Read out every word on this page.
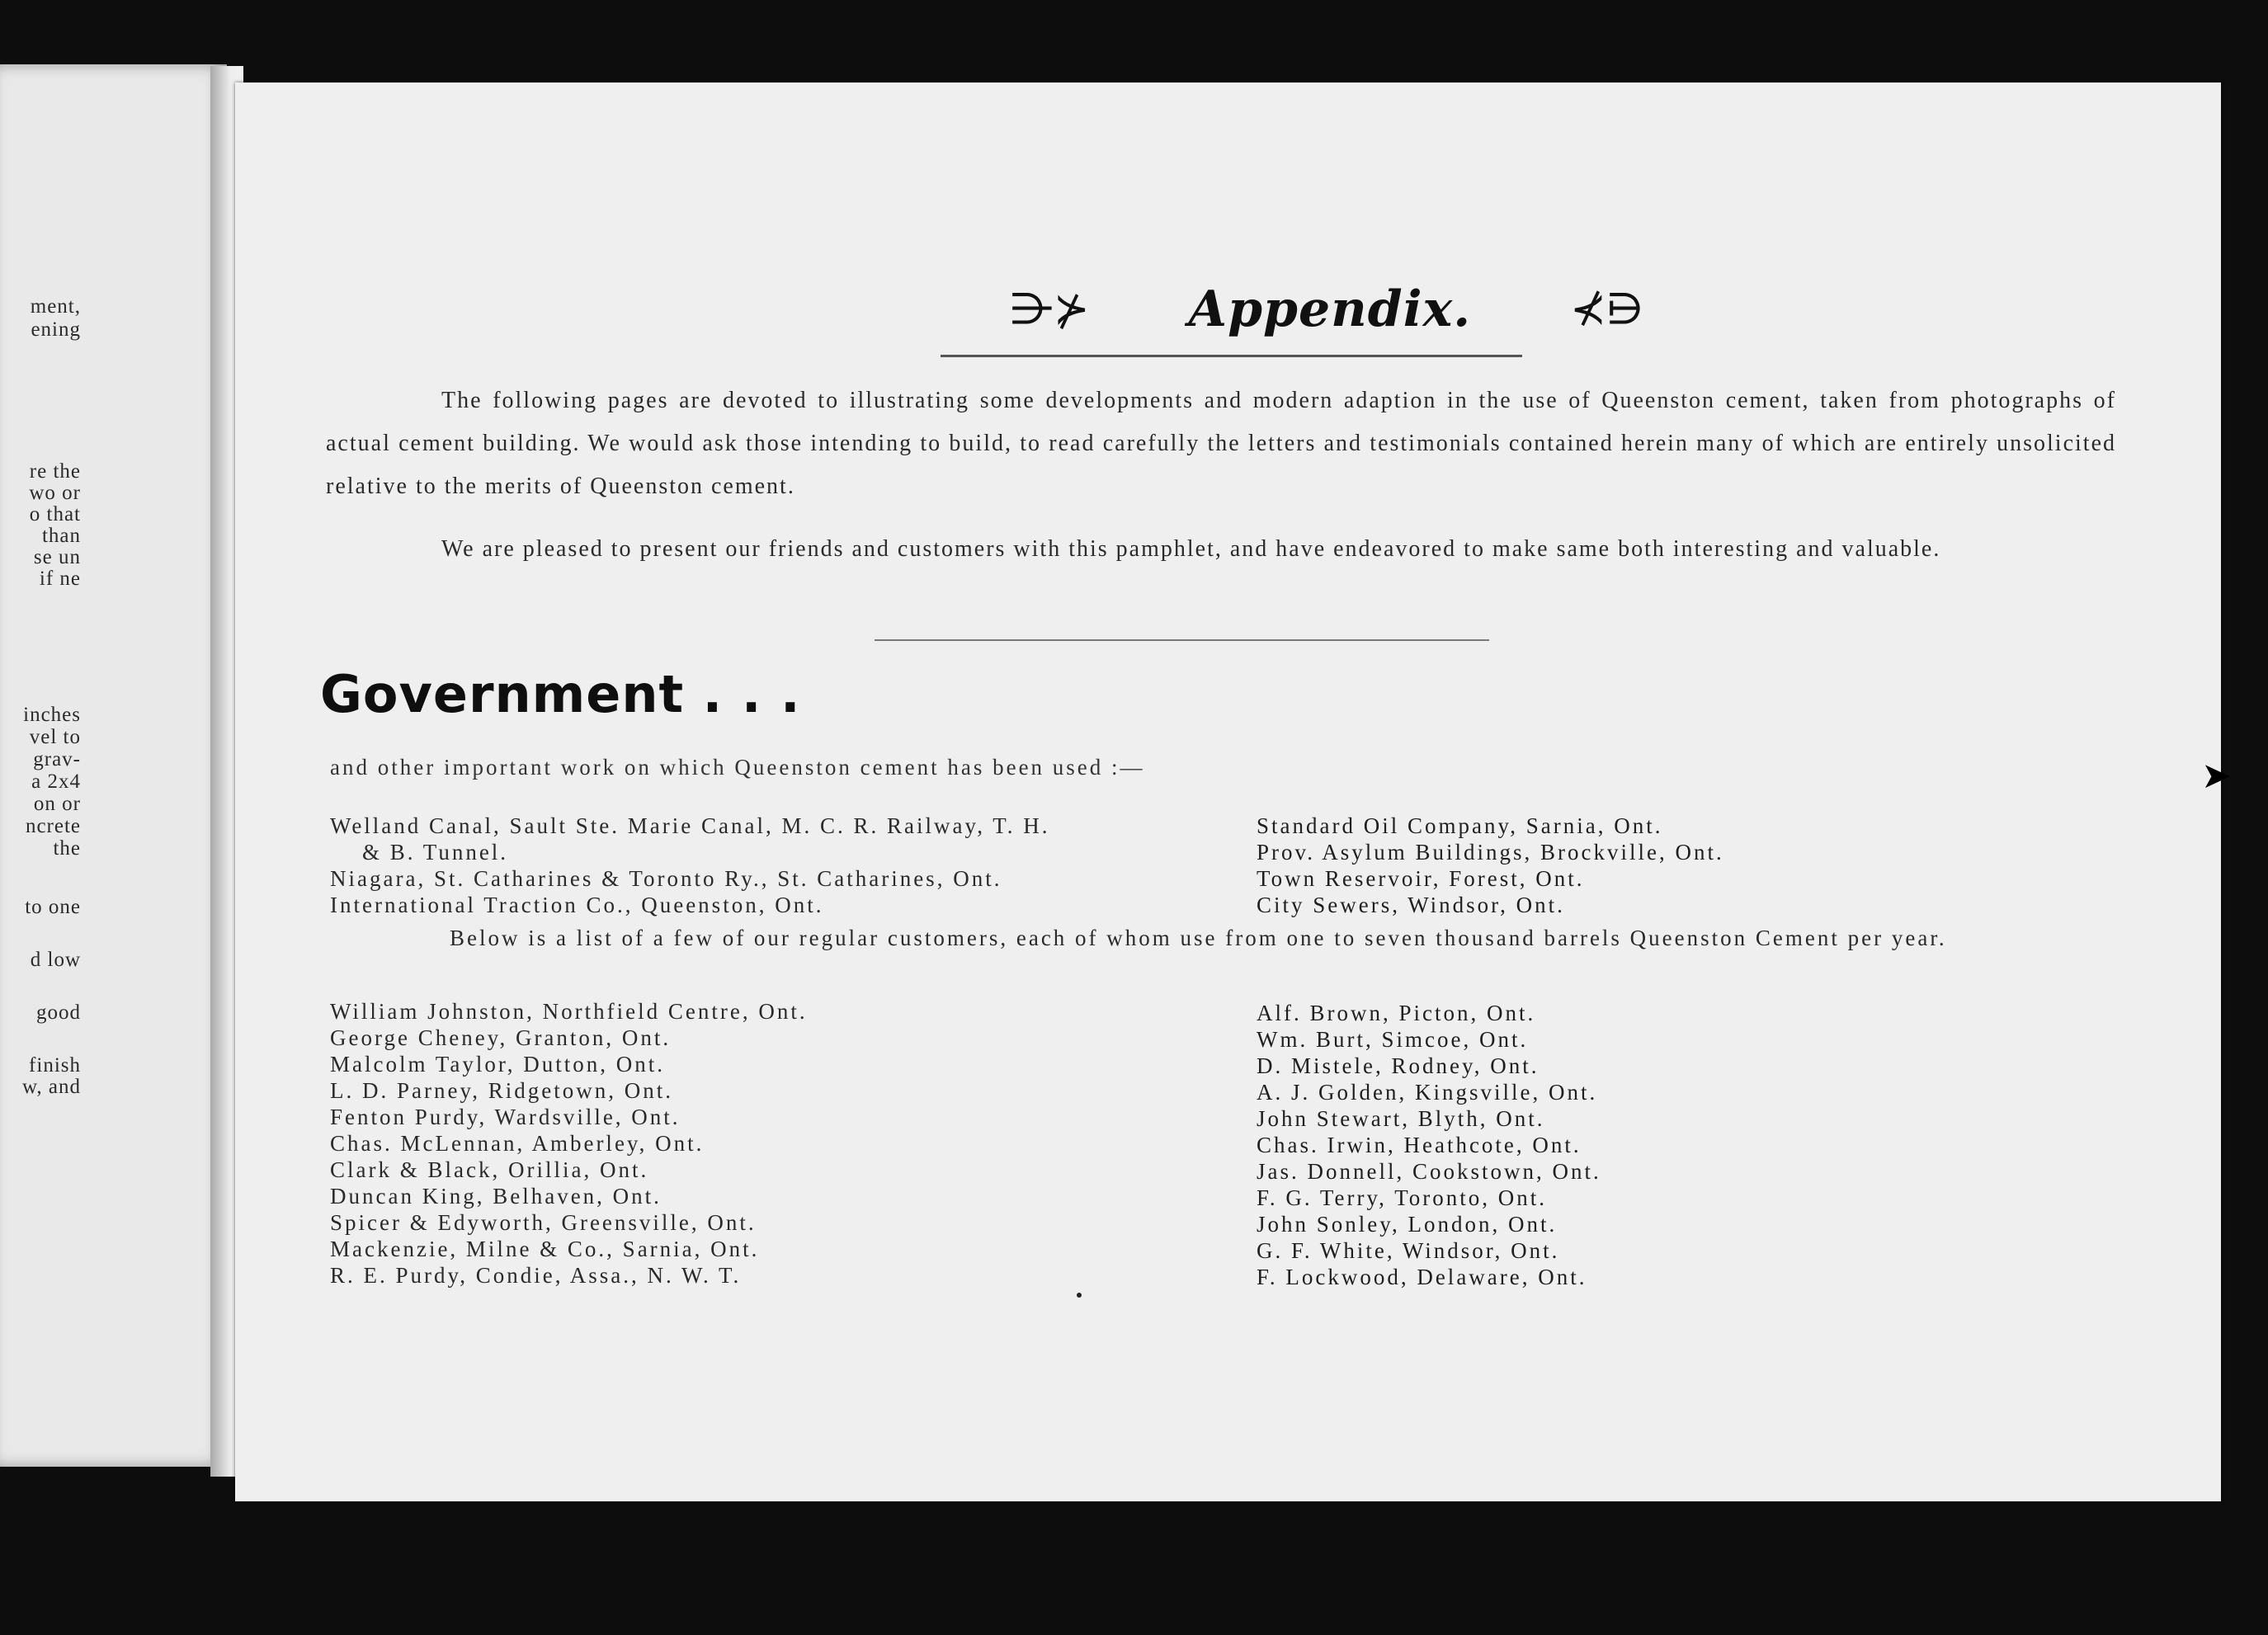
ment,
ening
re the
wo or
o that
than
se un
if ne
inches
vel to
grav-
a 2x4
on or
ncrete
the
to one
d low
good
finish
w, and
⋺⊁ Appendix. ⊀⋻
The following pages are devoted to illustrating some developments and modern adaption in the use of Queenston cement, taken from photographs of actual cement building. We would ask those intending to build, to read carefully the letters and testimonials contained herein many of which are entirely unsolicited relative to the merits of Queenston cement.
We are pleased to present our friends and customers with this pamphlet, and have endeavored to make same both interesting and valuable.
Government . . .
and other important work on which Queenston cement has been used :—
Welland Canal, Sault Ste. Marie Canal, M. C. R. Railway, T. H.
& B. Tunnel.
Niagara, St. Catharines & Toronto Ry., St. Catharines, Ont.
International Traction Co., Queenston, Ont.
Standard Oil Company, Sarnia, Ont.
Prov. Asylum Buildings, Brockville, Ont.
Town Reservoir, Forest, Ont.
City Sewers, Windsor, Ont.
Below is a list of a few of our regular customers, each of whom use from one to seven thousand barrels Queenston Cement per year.
William Johnston, Northfield Centre, Ont.
George Cheney, Granton, Ont.
Malcolm Taylor, Dutton, Ont.
L. D. Parney, Ridgetown, Ont.
Fenton Purdy, Wardsville, Ont.
Chas. McLennan, Amberley, Ont.
Clark & Black, Orillia, Ont.
Duncan King, Belhaven, Ont.
Spicer & Edyworth, Greensville, Ont.
Mackenzie, Milne & Co., Sarnia, Ont.
R. E. Purdy, Condie, Assa., N. W. T.
Alf. Brown, Picton, Ont.
Wm. Burt, Simcoe, Ont.
D. Mistele, Rodney, Ont.
A. J. Golden, Kingsville, Ont.
John Stewart, Blyth, Ont.
Chas. Irwin, Heathcote, Ont.
Jas. Donnell, Cookstown, Ont.
F. G. Terry, Toronto, Ont.
John Sonley, London, Ont.
G. F. White, Windsor, Ont.
F. Lockwood, Delaware, Ont.
➤
